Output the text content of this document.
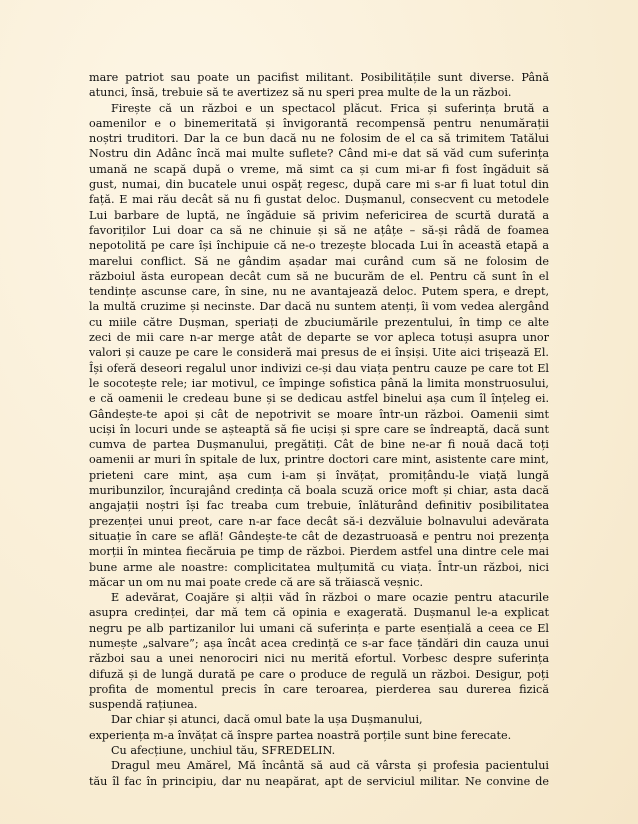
mare patriot sau poate un pacifist militant. Posibilitățile sunt diverse. Până
atunci, însă, trebuie să te avertizez să nu speri prea multe de la un război.
Firește că un război e un spectacol plăcut. Frica și suferința brută a
oamenilor e o binemeritată și învigorantă recompensă pentru nenumărații
noștri truditori. Dar la ce bun dacă nu ne folosim de el ca să trimitem Tatălui
Nostru din Adânc încă mai multe suflete? Când mi-e dat să văd cum suferința
umană ne scapă după o vreme, mă simt ca și cum mi-ar fi fost îngăduit să
gust, numai, din bucatele unui ospăț regesc, după care mi s-ar fi luat totul din
față. E mai rău decât să nu fi gustat deloc. Dușmanul, consecvent cu metodele
Lui barbare de luptă, ne îngăduie să privim nefericirea de scurtă durată a
favoriților Lui doar ca să ne chinuie și să ne ațâțe – să-și râdă de foamea
nepotolită pe care își închipuie că ne-o trezește blocada Lui în această etapă a
marelui conflict. Să ne gândim așadar mai curând cum să ne folosim de
războiul ăsta european decât cum să ne bucurăm de el. Pentru că sunt în el
tendințe ascunse care, în sine, nu ne avantajează deloc. Putem spera, e drept,
la multă cruzime și necinste. Dar dacă nu suntem atenți, îi vom vedea alergând
cu miile către Dușman, speriați de zbuciumările prezentului, în timp ce alte
zeci de mii care n-ar merge atât de departe se vor apleca totuși asupra unor
valori și cauze pe care le consideră mai presus de ei înșiși. Uite aici trișează El.
Își oferă deseori regalul unor indivizi ce-și dau viața pentru cauze pe care tot El
le socotește rele; iar motivul, ce împinge sofistica până la limita monstruosului,
e că oamenii le credeau bune și se dedicau astfel binelui așa cum îl înțeleg ei.
Gândește-te apoi și cât de nepotrivit se moare într-un război. Oamenii simt
uciși în locuri unde se așteaptă să fie uciși și spre care se îndreaptă, dacă sunt
cumva de partea Dușmanului, pregătiți. Cât de bine ne-ar fi nouă dacă toți
oamenii ar muri în spitale de lux, printre doctori care mint, asistente care mint,
prieteni care mint, așa cum i-am și învățat, promițându-le viață lungă
muribunzilor, încurajând credința că boala scuză orice moft și chiar, asta dacă
angajații noștri își fac treaba cum trebuie, înlăturând definitiv posibilitatea
prezenței unui preot, care n-ar face decât să-i dezvăluie bolnavului adevărata
situație în care se află! Gândește-te cât de dezastruoasă e pentru noi prezența
morții în mintea fiecăruia pe timp de război. Pierdem astfel una dintre cele mai
bune arme ale noastre: complicitatea mulțumită cu viața. Într-un război, nici
măcar un om nu mai poate crede că are să trăiască veșnic.
E adevărat, Coajăre și alții văd în război o mare ocazie pentru atacurile
asupra credinței, dar mă tem că opinia e exagerată. Dușmanul le-a explicat
negru pe alb partizanilor lui umani că suferința e parte esențială a ceea ce El
numește „salvare”; așa încât acea credință ce s-ar face țăndări din cauza unui
război sau a unei nenorociri nici nu merită efortul. Vorbesc despre suferința
difuză și de lungă durată pe care o produce de regulă un război. Desigur, poți
profita de momentul precis în care teroarea, pierderea sau durerea fizică
suspendă rațiunea.
Dar chiar și atunci, dacă omul bate la ușa Dușmanului,
experiența m-a învățat că înspre partea noastră porțile sunt bine ferecate.
Cu afecțiune, unchiul tău, SFREDELIN.
Dragul meu Amărel, Mă încântă să aud că vârsta și profesia pacientului
tău îl fac în principiu, dar nu neapărat, apt de serviciul militar. Ne convine de
